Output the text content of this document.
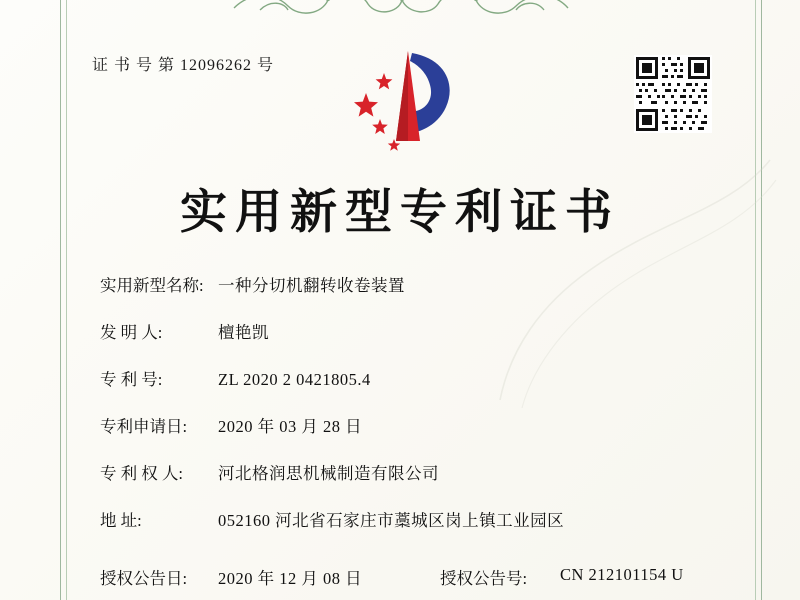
证 书 号 第 12096262 号
实用新型专利证书
实用新型名称: 一种分切机翻转收卷装置
发 明 人:	檀艳凯
专 利 号:	ZL 2020 2 0421805.4
专利申请日:	2020 年 03 月 28 日
专 利 权 人:	河北格润思机械制造有限公司
地 址:	052160 河北省石家庄市藁城区岗上镇工业园区
授权公告日:	2020 年 12 月 08 日	授权公告号:	CN 212101154 U
